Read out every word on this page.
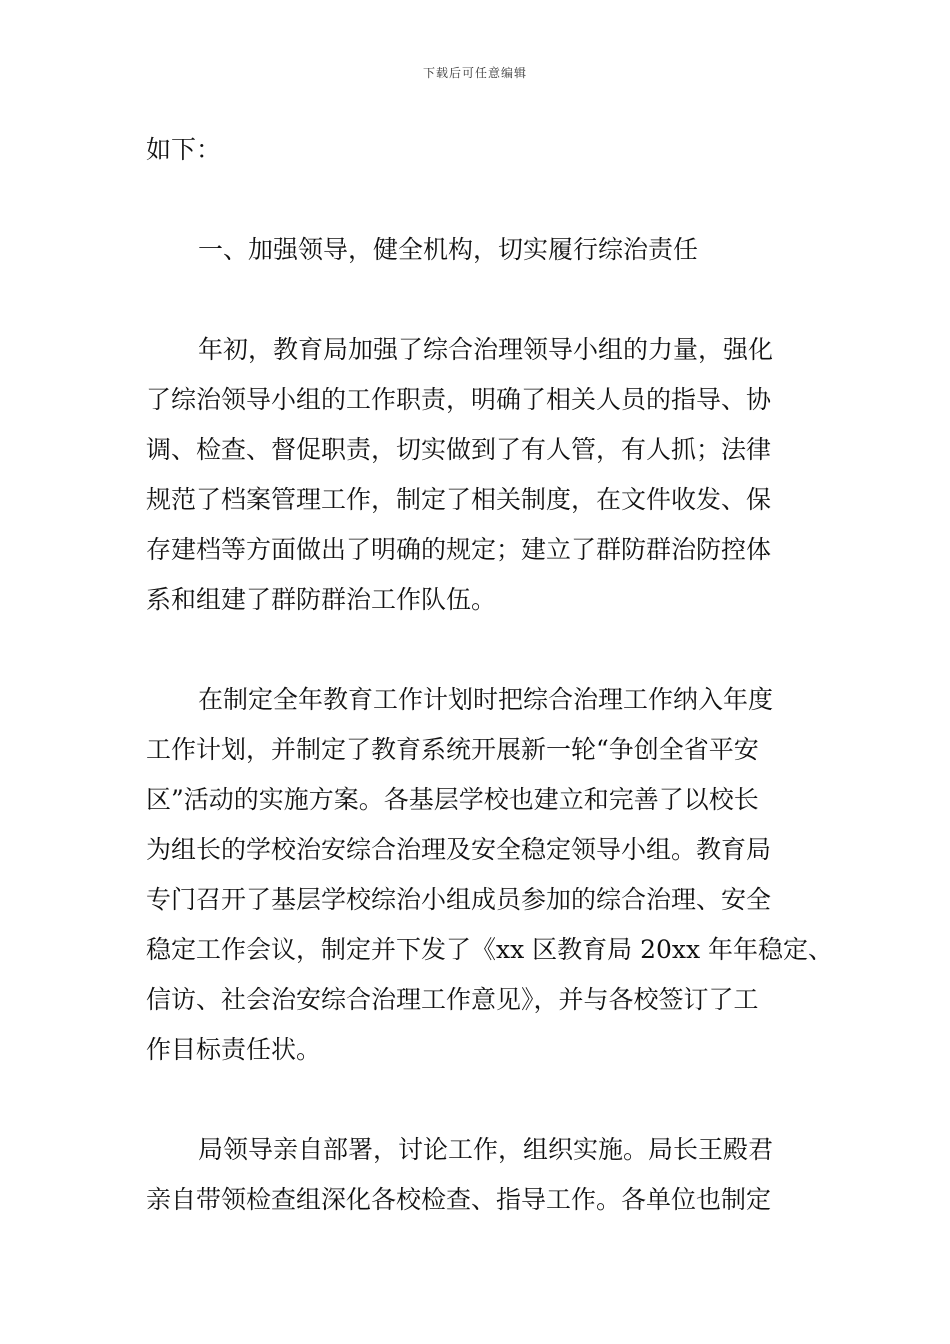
下载后可任意编辑
如下：
一、加强领导，健全机构，切实履行综治责任
年初，教育局加强了综合治理领导小组的力量，强化
了综治领导小组的工作职责，明确了相关人员的指导、协
调、检查、督促职责，切实做到了有人管，有人抓；法律
规范了档案管理工作，制定了相关制度，在文件收发、保
存建档等方面做出了明确的规定；建立了群防群治防控体
系和组建了群防群治工作队伍。
在制定全年教育工作计划时把综合治理工作纳入年度
工作计划，并制定了教育系统开展新一轮“争创全省平安
区”活动的实施方案。各基层学校也建立和完善了以校长
为组长的学校治安综合治理及安全稳定领导小组。教育局
专门召开了基层学校综治小组成员参加的综合治理、安全
稳定工作会议，制定并下发了《xx 区教育局 20xx 年年稳定、
信访、社会治安综合治理工作意见》，并与各校签订了工
作目标责任状。
局领导亲自部署，讨论工作，组织实施。局长王殿君
亲自带领检查组深化各校检查、指导工作。各单位也制定
